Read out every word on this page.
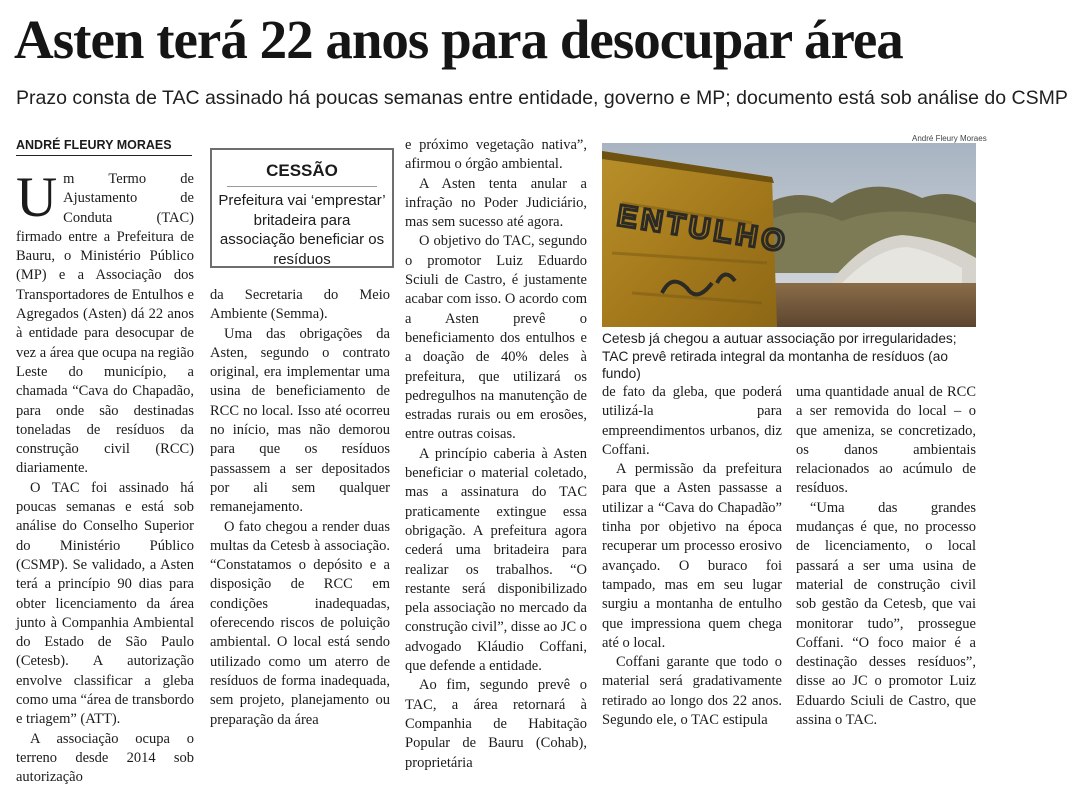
Asten terá 22 anos para desocupar área
Prazo consta de TAC assinado há poucas semanas entre entidade, governo e MP; documento está sob análise do CSMP
ANDRÉ FLEURY MORAES

Um Termo de Ajustamento de Conduta (TAC) firmado entre a Prefeitura de Bauru, o Ministério Público (MP) e a Associação dos Transportadores de Entulhos e Agregados (Asten) dá 22 anos à entidade para desocupar de vez a área que ocupa na região Leste do município, a chamada “Cava do Chapadão, para onde são destinadas toneladas de resíduos da construção civil (RCC) diariamente.

O TAC foi assinado há poucas semanas e está sob análise do Conselho Superior do Ministério Público (CSMP). Se validado, a Asten terá a princípio 90 dias para obter licenciamento da área junto à Companhia Ambiental do Estado de São Paulo (Cetesb). A autorização envolve classificar a gleba como uma “área de transbordo e triagem” (ATT).

A associação ocupa o terreno desde 2014 sob autorização

CESSÃO
Prefeitura vai ‘emprestar’ britadeira para associação beneficiar os resíduos

da Secretaria do Meio Ambiente (Semma).

Uma das obrigações da Asten, segundo o contrato original, era implementar uma usina de beneficiamento de RCC no local. Isso até ocorreu no início, mas não demorou para que os resíduos passassem a ser depositados por ali sem qualquer remanejamento.

O fato chegou a render duas multas da Cetesb à associação. “Constatamos o depósito e a disposição de RCC em condições inadequadas, oferecendo riscos de poluição ambiental. O local está sendo utilizado como um aterro de resíduos de forma inadequada, sem projeto, planejamento ou preparação da área

e próximo vegetação nativa”, afirmou o órgão ambiental.

A Asten tenta anular a infração no Poder Judiciário, mas sem sucesso até agora.

O objetivo do TAC, segundo o promotor Luiz Eduardo Sciuli de Castro, é justamente acabar com isso. O acordo com a Asten prevê o beneficiamento dos entulhos e a doação de 40% deles à prefeitura, que utilizará os pedregulhos na manutenção de estradas rurais ou em erosões, entre outras coisas.

A princípio caberia à Asten beneficiar o material coletado, mas a assinatura do TAC praticamente extingue essa obrigação. A prefeitura agora cederá uma britadeira para realizar os trabalhos. “O restante será disponibilizado pela associação no mercado da construção civil”, disse ao JC o advogado Kláudio Coffani, que defende a entidade.

Ao fim, segundo prevê o TAC, a área retornará à Companhia de Habitação Popular de Bauru (Cohab), proprietária

André Fleury Moraes
ENTULHO
Cetesb já chegou a autuar associação por irregularidades; TAC prevê retirada integral da montanha de resíduos (ao fundo)

de fato da gleba, que poderá utilizá-la para empreendimentos urbanos, diz Coffani.

A permissão da prefeitura para que a Asten passasse a utilizar a “Cava do Chapadão” tinha por objetivo na época recuperar um processo erosivo avançado. O buraco foi tampado, mas em seu lugar surgiu a montanha de entulho que impressiona quem chega até o local.

Coffani garante que todo o material será gradativamente retirado ao longo dos 22 anos. Segundo ele, o TAC estipula

uma quantidade anual de RCC a ser removida do local – o que ameniza, se concretizado, os danos ambientais relacionados ao acúmulo de resíduos.

“Uma das grandes mudanças é que, no processo de licenciamento, o local passará a ser uma usina de material de construção civil sob gestão da Cetesb, que vai monitorar tudo”, prossegue Coffani. “O foco maior é a destinação desses resíduos”, disse ao JC o promotor Luiz Eduardo Sciuli de Castro, que assina o TAC.
